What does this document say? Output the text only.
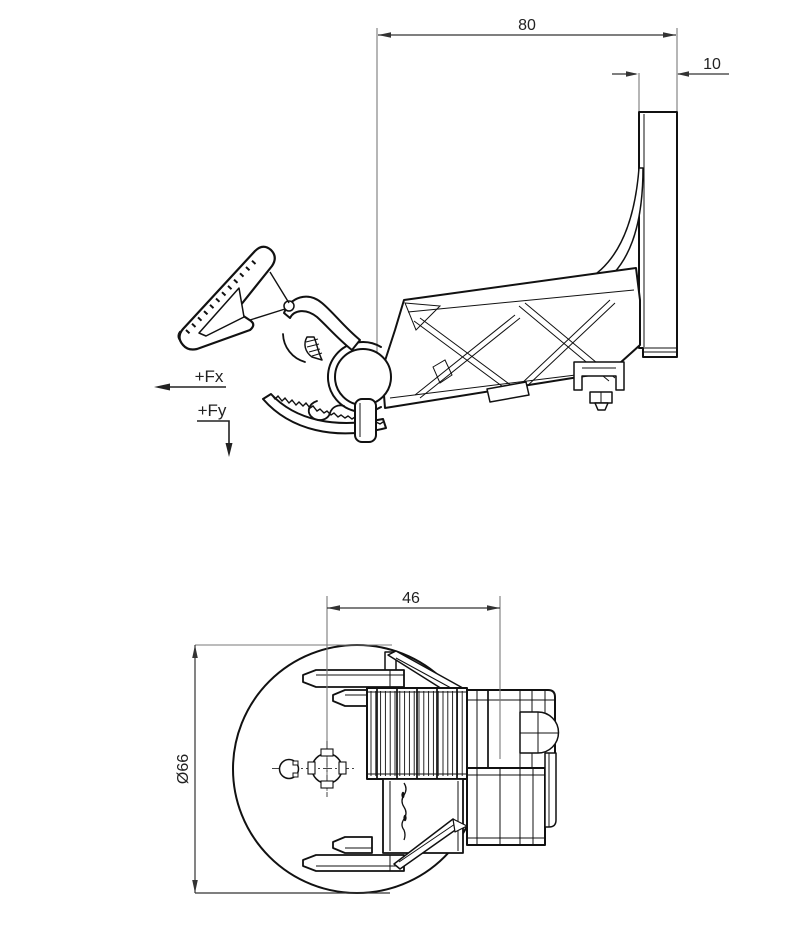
80
10
+Fx
+Fy
46
Ø66
